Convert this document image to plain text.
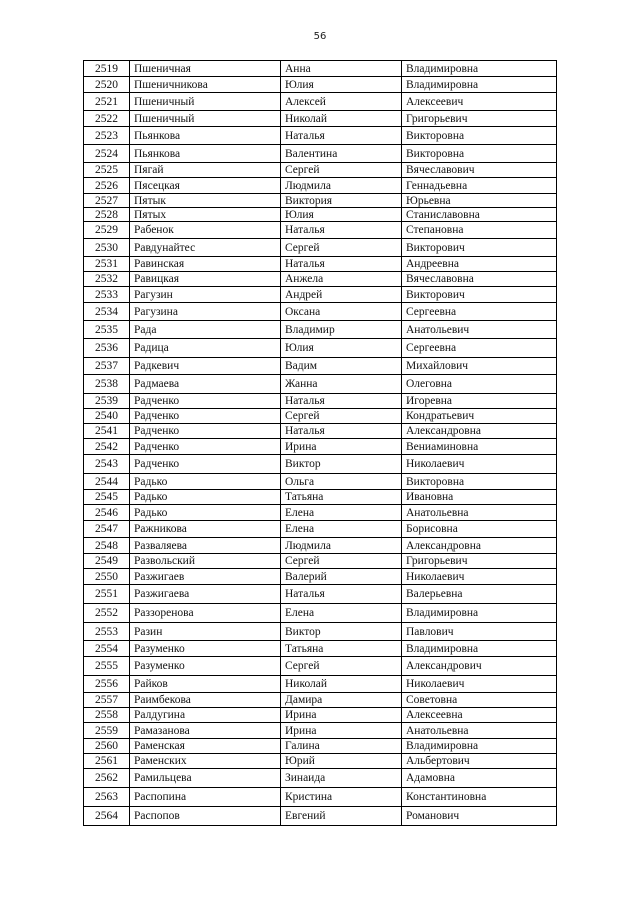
56
2519	Пшеничная	Анна	Владимировна
2520	Пшеничникова	Юлия	Владимировна
2521	Пшеничный	Алексей	Алексеевич
2522	Пшеничный	Николай	Григорьевич
2523	Пьянкова	Наталья	Викторовна
2524	Пьянкова	Валентина	Викторовна
2525	Пягай	Сергей	Вячеславович
2526	Пясецкая	Людмила	Геннадьевна
2527	Пятык	Виктория	Юрьевна
2528	Пятых	Юлия	Станиславовна
2529	Рабенок	Наталья	Степановна
2530	Равдунайтес	Сергей	Викторович
2531	Равинская	Наталья	Андреевна
2532	Равицкая	Анжела	Вячеславовна
2533	Рагузин	Андрей	Викторович
2534	Рагузина	Оксана	Сергеевна
2535	Рада	Владимир	Анатольевич
2536	Радица	Юлия	Сергеевна
2537	Радкевич	Вадим	Михайлович
2538	Радмаева	Жанна	Олеговна
2539	Радченко	Наталья	Игоревна
2540	Радченко	Сергей	Кондратьевич
2541	Радченко	Наталья	Александровна
2542	Радченко	Ирина	Вениаминовна
2543	Радченко	Виктор	Николаевич
2544	Радько	Ольга	Викторовна
2545	Радько	Татьяна	Ивановна
2546	Радько	Елена	Анатольевна
2547	Ражникова	Елена	Борисовна
2548	Разваляева	Людмила	Александровна
2549	Развольский	Сергей	Григорьевич
2550	Разжигаев	Валерий	Николаевич
2551	Разжигаева	Наталья	Валерьевна
2552	Раззоренова	Елена	Владимировна
2553	Разин	Виктор	Павлович
2554	Разуменко	Татьяна	Владимировна
2555	Разуменко	Сергей	Александрович
2556	Райков	Николай	Николаевич
2557	Раимбекова	Дамира	Советовна
2558	Ралдугина	Ирина	Алексеевна
2559	Рамазанова	Ирина	Анатольевна
2560	Раменская	Галина	Владимировна
2561	Раменских	Юрий	Альбертович
2562	Рамильцева	Зинаида	Адамовна
2563	Распопина	Кристина	Константиновна
2564	Распопов	Евгений	Романович
